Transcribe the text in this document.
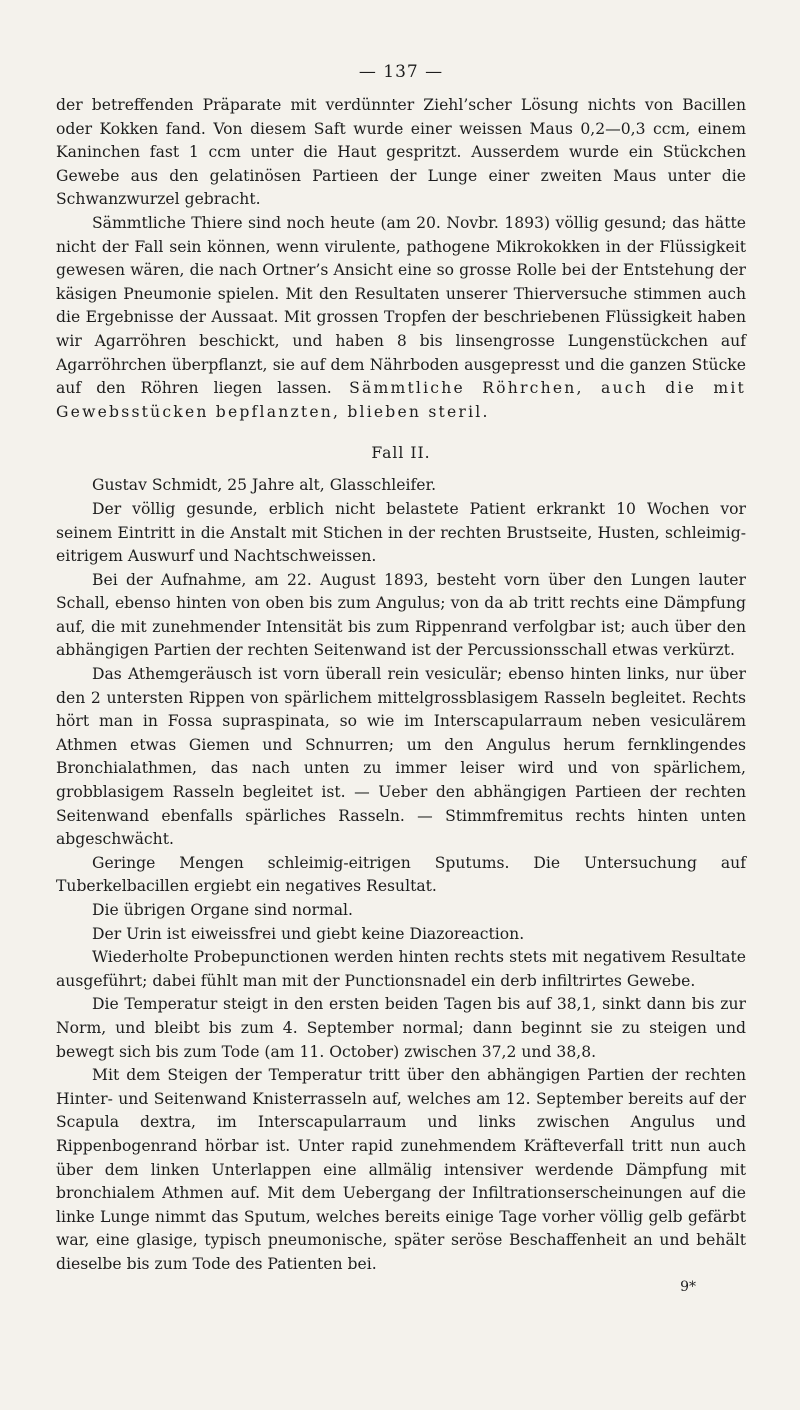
— 137 —

der betreffenden Präparate mit verdünnter Ziehl’scher Lösung nichts von Bacillen oder Kokken fand. Von diesem Saft wurde einer weissen Maus 0,2—0,3 ccm, einem Kaninchen fast 1 ccm unter die Haut gespritzt. Ausserdem wurde ein Stückchen Gewebe aus den gelatinösen Partieen der Lunge einer zweiten Maus unter die Schwanzwurzel gebracht.

Sämmtliche Thiere sind noch heute (am 20. Novbr. 1893) völlig gesund; das hätte nicht der Fall sein können, wenn virulente, pathogene Mikrokokken in der Flüssigkeit gewesen wären, die nach Ortner’s Ansicht eine so grosse Rolle bei der Entstehung der käsigen Pneumonie spielen. Mit den Resultaten unserer Thierversuche stimmen auch die Ergebnisse der Aussaat. Mit grossen Tropfen der beschriebenen Flüssigkeit haben wir Agarröhren beschickt, und haben 8 bis linsengrosse Lungenstückchen auf Agarröhrchen überpflanzt, sie auf dem Nährboden ausgepresst und die ganzen Stücke auf den Röhren liegen lassen. Sämmtliche Röhrchen, auch die mit Gewebsstücken bepflanzten, blieben steril.

Fall II.

Gustav Schmidt, 25 Jahre alt, Glasschleifer.

Der völlig gesunde, erblich nicht belastete Patient erkrankt 10 Wochen vor seinem Eintritt in die Anstalt mit Stichen in der rechten Brustseite, Husten, schleimig-eitrigem Auswurf und Nachtschweissen.

Bei der Aufnahme, am 22. August 1893, besteht vorn über den Lungen lauter Schall, ebenso hinten von oben bis zum Angulus; von da ab tritt rechts eine Dämpfung auf, die mit zunehmender Intensität bis zum Rippenrand verfolgbar ist; auch über den abhängigen Partien der rechten Seitenwand ist der Percussionsschall etwas verkürzt.

Das Athemgeräusch ist vorn überall rein vesiculär; ebenso hinten links, nur über den 2 untersten Rippen von spärlichem mittelgrossblasigem Rasseln begleitet. Rechts hört man in Fossa supraspinata, so wie im Interscapularraum neben vesiculärem Athmen etwas Giemen und Schnurren; um den Angulus herum fernklingendes Bronchialathmen, das nach unten zu immer leiser wird und von spärlichem, grobblasigem Rasseln begleitet ist. — Ueber den abhängigen Partieen der rechten Seitenwand ebenfalls spärliches Rasseln. — Stimmfremitus rechts hinten unten abgeschwächt.

Geringe Mengen schleimig-eitrigen Sputums. Die Untersuchung auf Tuberkelbacillen ergiebt ein negatives Resultat.

Die übrigen Organe sind normal.

Der Urin ist eiweissfrei und giebt keine Diazoreaction.

Wiederholte Probepunctionen werden hinten rechts stets mit negativem Resultate ausgeführt; dabei fühlt man mit der Punctionsnadel ein derb infiltrirtes Gewebe.

Die Temperatur steigt in den ersten beiden Tagen bis auf 38,1, sinkt dann bis zur Norm, und bleibt bis zum 4. September normal; dann beginnt sie zu steigen und bewegt sich bis zum Tode (am 11. October) zwischen 37,2 und 38,8.

Mit dem Steigen der Temperatur tritt über den abhängigen Partien der rechten Hinter- und Seitenwand Knisterrasseln auf, welches am 12. September bereits auf der Scapula dextra, im Interscapularraum und links zwischen Angulus und Rippenbogenrand hörbar ist. Unter rapid zunehmendem Kräfteverfall tritt nun auch über dem linken Unterlappen eine allmälig intensiver werdende Dämpfung mit bronchialem Athmen auf. Mit dem Uebergang der Infiltrationserscheinungen auf die linke Lunge nimmt das Sputum, welches bereits einige Tage vorher völlig gelb gefärbt war, eine glasige, typisch pneumonische, später seröse Beschaffenheit an und behält dieselbe bis zum Tode des Patienten bei.

9*
